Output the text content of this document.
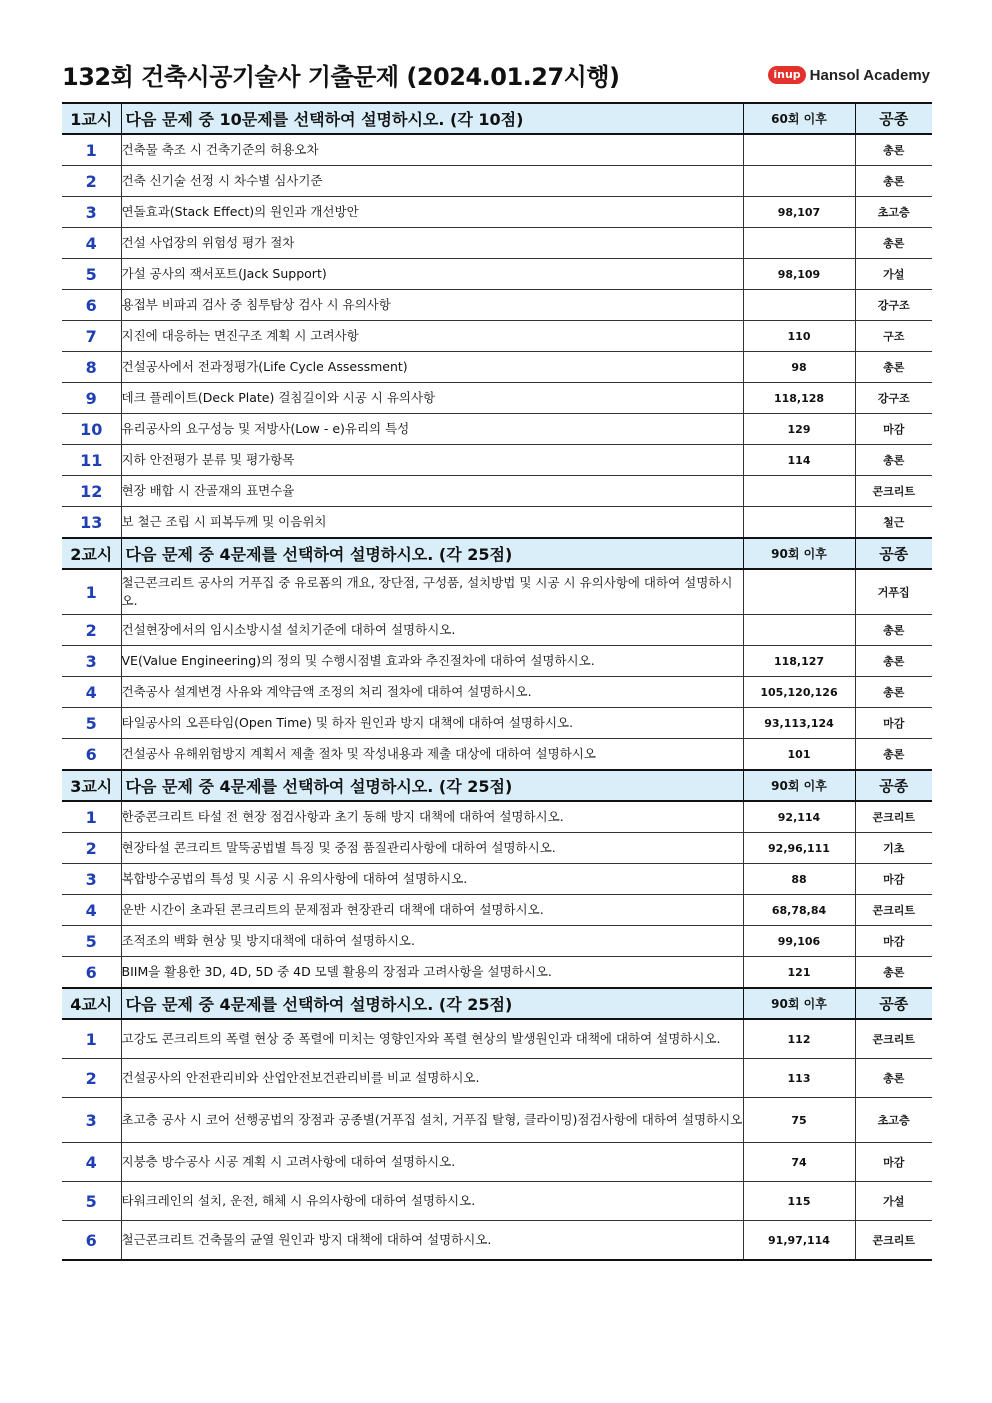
132회 건축시공기술사 기출문제 (2024.01.27시행)	inup Hansol Academy
1교시	다음 문제 중 10문제를 선택하여 설명하시오. (각 10점)	60회 이후	공종
1	건축물 축조 시 건축기준의 허용오차		총론
2	건축 신기술 선정 시 차수별 심사기준		총론
3	연돌효과(Stack Effect)의 원인과 개선방안	98,107	초고층
4	건설 사업장의 위험성 평가 절차		총론
5	가설 공사의 잭서포트(Jack Support)	98,109	가설
6	용접부 비파괴 검사 중 침투탐상 검사 시 유의사항		강구조
7	지진에 대응하는 면진구조 계획 시 고려사항	110	구조
8	건설공사에서 전과정평가(Life Cycle Assessment)	98	총론
9	데크 플레이트(Deck Plate) 걸침길이와 시공 시 유의사항	118,128	강구조
10	유리공사의 요구성능 및 저방사(Low - e)유리의 특성	129	마감
11	지하 안전평가 분류 및 평가항목	114	총론
12	현장 배합 시 잔골재의 표면수율		콘크리트
13	보 철근 조립 시 피복두께 및 이음위치		철근
2교시	다음 문제 중 4문제를 선택하여 설명하시오. (각 25점)	90회 이후	공종
1	철근콘크리트 공사의 거푸집 중 유로폼의 개요, 장단점, 구성품, 설치방법 및 시공 시 유의사항에 대하여 설명하시오.		거푸집
2	건설현장에서의 임시소방시설 설치기준에 대하여 설명하시오.		총론
3	VE(Value Engineering)의 정의 및 수행시점별 효과와 추진절차에 대하여 설명하시오.	118,127	총론
4	건축공사 설계변경 사유와 계약금액 조정의 처리 절차에 대하여 설명하시오.	105,120,126	총론
5	타일공사의 오픈타임(Open Time) 및 하자 원인과 방지 대책에 대하여 설명하시오.	93,113,124	마감
6	건설공사 유해위험방지 계획서 제출 절차 및 작성내용과 제출 대상에 대하여 설명하시오	101	총론
3교시	다음 문제 중 4문제를 선택하여 설명하시오. (각 25점)	90회 이후	공종
1	한중콘크리트 타설 전 현장 점검사항과 초기 동해 방지 대책에 대하여 설명하시오.	92,114	콘크리트
2	현장타설 콘크리트 말뚝공법별 특징 및 중점 품질관리사항에 대하여 설명하시오.	92,96,111	기초
3	복합방수공법의 특성 및 시공 시 유의사항에 대하여 설명하시오.	88	마감
4	운반 시간이 초과된 콘크리트의 문제점과 현장관리 대책에 대하여 설명하시오.	68,78,84	콘크리트
5	조적조의 백화 현상 및 방지대책에 대하여 설명하시오.	99,106	마감
6	BIIM을 활용한 3D, 4D, 5D 중 4D 모델 활용의 장점과 고려사항을 설명하시오.	121	총론
4교시	다음 문제 중 4문제를 선택하여 설명하시오. (각 25점)	90회 이후	공종
1	고강도 콘크리트의 폭렬 현상 중 폭렬에 미치는 영향인자와 폭렬 현상의 발생원인과 대책에 대하여 설명하시오.	112	콘크리트
2	건설공사의 안전관리비와 산업안전보건관리비를 비교 설명하시오.	113	총론
3	초고층 공사 시 코어 선행공법의 장점과 공종별(거푸집 설치, 거푸집 탈형, 클라이밍)점검사항에 대하여 설명하시오	75	초고층
4	지붕층 방수공사 시공 계획 시 고려사항에 대하여 설명하시오.	74	마감
5	타워크레인의 설치, 운전, 해체 시 유의사항에 대하여 설명하시오.	115	가설
6	철근콘크리트 건축물의 균열 원인과 방지 대책에 대하여 설명하시오.	91,97,114	콘크리트
